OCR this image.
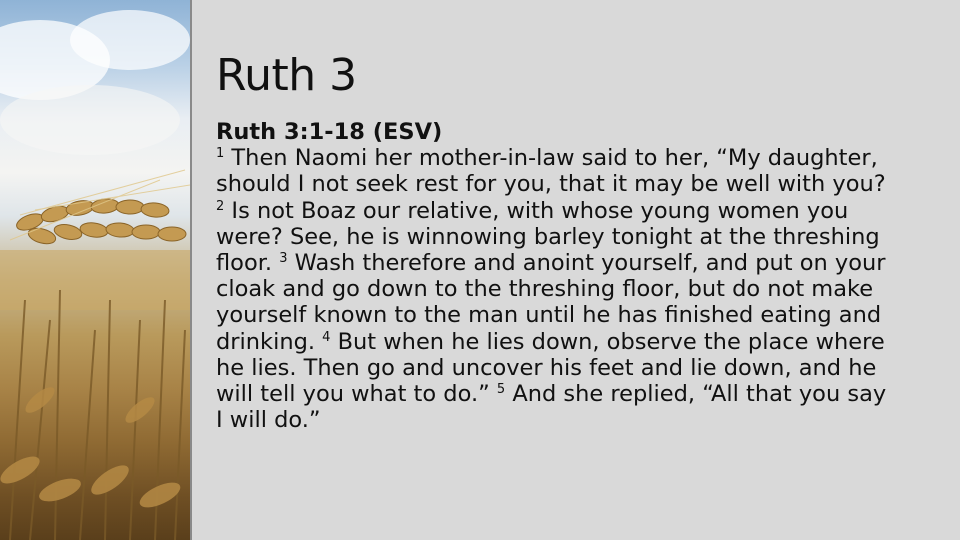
Ruth 3
Ruth 3:1-18 (ESV)
$^1$ Then Naomi her mother-in-law said to her, “My daughter, should I not seek rest for you, that it may be well with you? $^2$ Is not Boaz our relative, with whose young women you were? See, he is winnowing barley tonight at the threshing floor. $^3$ Wash therefore and anoint yourself, and put on your cloak and go down to the threshing floor, but do not make yourself known to the man until he has finished eating and drinking. $^4$ But when he lies down, observe the place where he lies. Then go and uncover his feet and lie down, and he will tell you what to do.” $^5$ And she replied, “All that you say I will do.”
